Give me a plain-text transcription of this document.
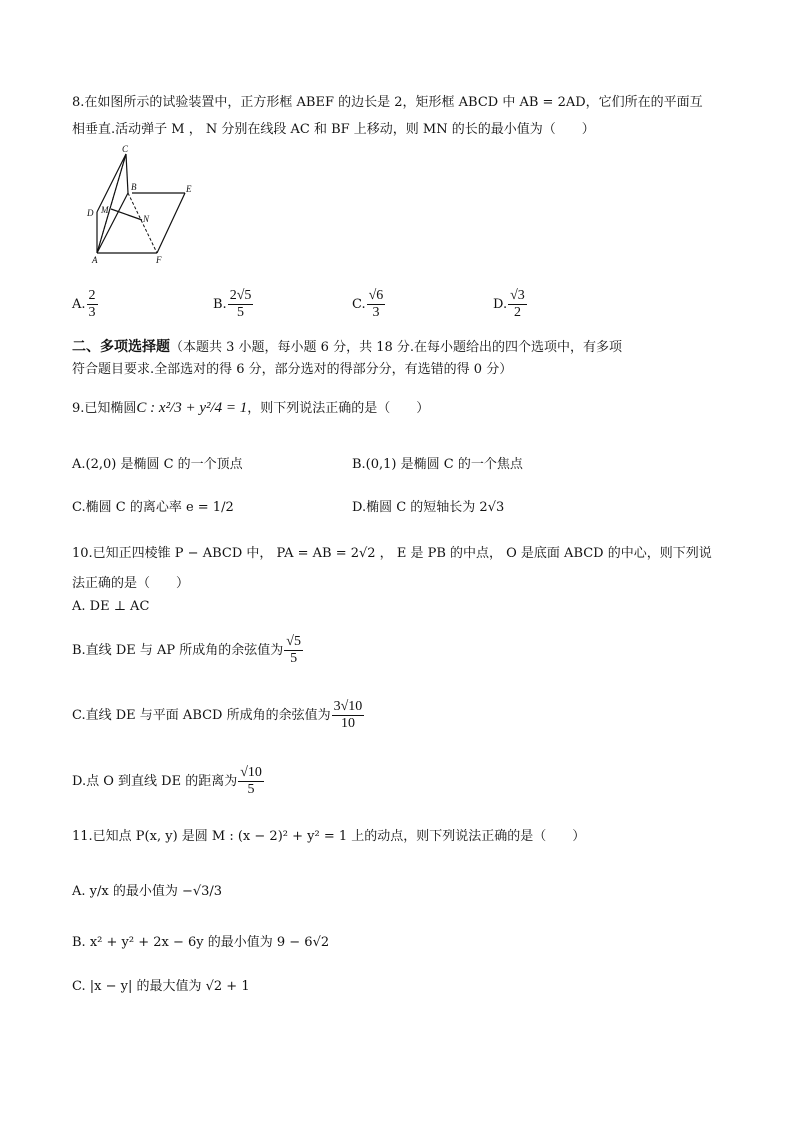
8.在如图所示的试验装置中，正方形框 ABEF 的边长是 2，矩形框 ABCD 中 AB = 2AD，它们所在的平面互
相垂直.活动弹子 M ， N 分别在线段 AC 和 BF 上移动，则 MN 的长的最小值为（　　）
C
B	E
D M
N
A	F
A. $\frac{2}{3}$	B. $\frac{2√5}{5}$	C. $\frac{√6}{3}$	D. $\frac{√3}{2}$
二、多项选择题（本题共 3 小题，每小题 6 分，共 18 分.在每小题给出的四个选项中，有多项
符合题目要求.全部选对的得 6 分，部分选对的得部分分，有选错的得 0 分）
9.已知椭圆C : x²/3 + y²/4 = 1，则下列说法正确的是（　　）
A.(2,0) 是椭圆 C 的一个顶点	B.(0,1) 是椭圆 C 的一个焦点
C.椭圆 C 的离心率 e = 1/2	D.椭圆 C 的短轴长为 2√3
10.已知正四棱锥 P − ABCD 中， PA = AB = 2√2 ， E 是 PB 的中点， O 是底面 ABCD 的中心，则下列说
法正确的是（　　）
A. DE ⊥ AC
B.直线 DE 与 AP 所成角的余弦值为 $\frac{√5}{5}$
C.直线 DE 与平面 ABCD 所成角的余弦值为 $\frac{3√10}{10}$
D.点 O 到直线 DE 的距离为 $\frac{√10}{5}$
11.已知点 P(x, y) 是圆 M : (x − 2)² + y² = 1 上的动点，则下列说法正确的是（　　）
A. y/x 的最小值为 −√3/3
B. x² + y² + 2x − 6y 的最小值为 9 − 6√2
C. |x − y| 的最大值为 √2 + 1
